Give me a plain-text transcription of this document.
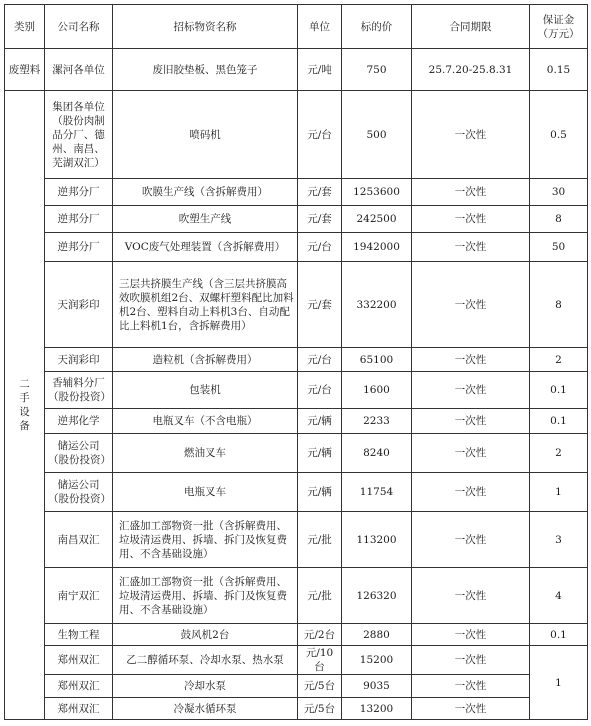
类别	公司名称	招标物资名称	单位	标的价	合同期限	保证金（万元）
废塑料	漯河各单位	废旧胶垫板、黑色笼子	元/吨	750	25.7.20-25.8.31	0.15

二手设备	集团各单位（股份肉制品分厂、德州、南昌、芜湖双汇）	喷码机	元/台	500	一次性	0.5
	逆邦分厂	吹膜生产线（含拆解费用）	元/套	1253600	一次性	30
	逆邦分厂	吹塑生产线	元/套	242500	一次性	8
	逆邦分厂	VOC废气处理装置（含拆解费用）	元/台	1942000	一次性	50
	天润彩印	三层共挤膜生产线（含三层共挤膜高效吹膜机组2台、双螺杆塑料配比加料机2台、塑料自动上料机3台、自动配比上料机1台，含拆解费用）	元/套	332200	一次性	8
	天润彩印	造粒机（含拆解费用）	元/台	65100	一次性	2
	香辅料分厂（股份投资）	包装机	元/台	1600	一次性	0.1
	逆邦化学	电瓶叉车（不含电瓶）	元/辆	2233	一次性	0.1
	储运公司（股份投资）	燃油叉车	元/辆	8240	一次性	2
	储运公司（股份投资）	电瓶叉车	元/辆	11754	一次性	1
	南昌双汇	汇盛加工部物资一批（含拆解费用、垃圾清运费用、拆墙、拆门及恢复费用、不含基础设施）	元/批	113200	一次性	3
	南宁双汇	汇盛加工部物资一批（含拆解费用、垃圾清运费用、拆墙、拆门及恢复费用、不含基础设施）	元/批	126320	一次性	4
	生物工程	鼓风机2台	元/2台	2880	一次性	0.1
	郑州双汇	乙二醇循环泵、冷却水泵、热水泵	元/10台	15200	一次性	1
	郑州双汇	冷却水泵	元/5台	9035	一次性	
	郑州双汇	冷凝水循环泵	元/5台	13200	一次性	
